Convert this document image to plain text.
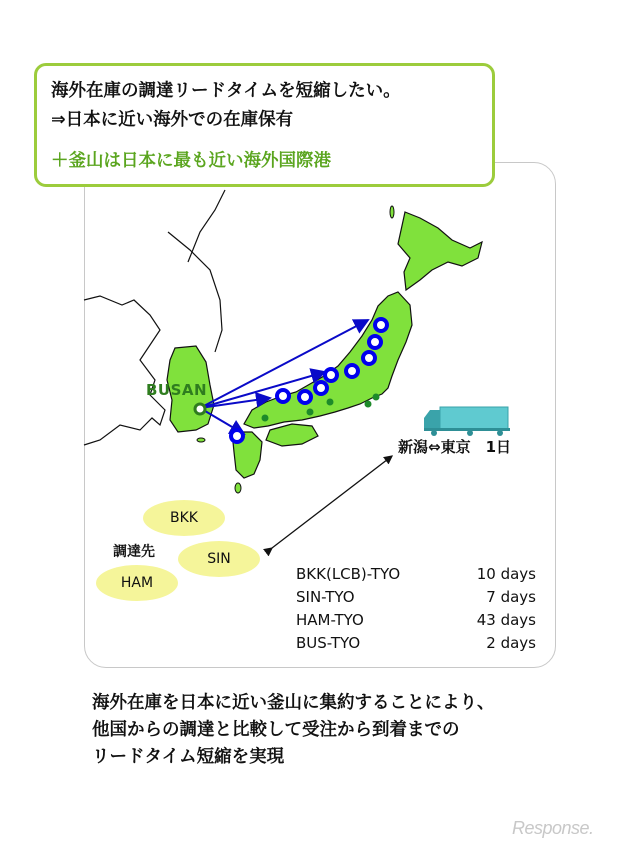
海外在庫の調達リードタイムを短縮したい。
⇒日本に近い海外での在庫保有
＋釜山は日本に最も近い海外国際港
BUSAN
新潟⇔東京　1日
BKK
SIN
HAM
調達先
BKK(LCB)-TYO	10 days
SIN-TYO	7 days
HAM-TYO	43 days
BUS-TYO	2 days
海外在庫を日本に近い釜山に集約することにより、
他国からの調達と比較して受注から到着までの
リードタイム短縮を実現
Response.
